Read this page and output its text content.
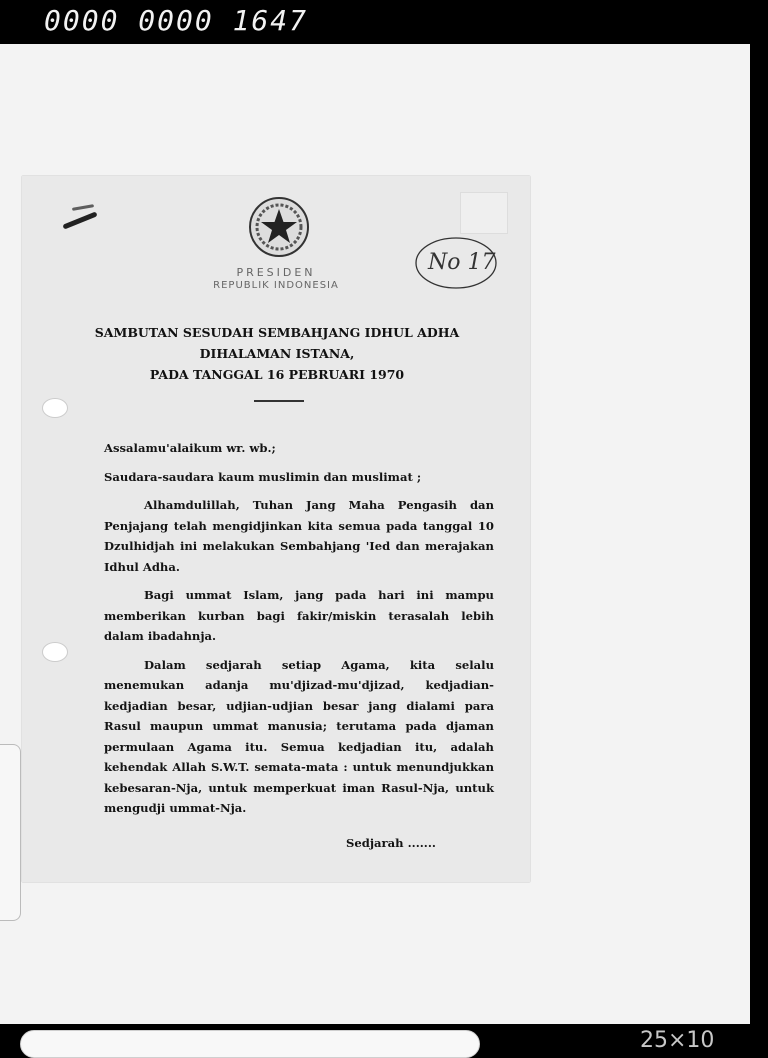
0000 0000 1647
25×10
PRESIDEN
REPUBLIK INDONESIA
No 17
SAMBUTAN SESUDAH SEMBAHJANG IDHUL ADHA
DIHALAMAN ISTANA,
PADA TANGGAL 16 PEBRUARI 1970

Assalamu'alaikum wr. wb.;

Saudara-saudara kaum muslimin dan muslimat ;

Alhamdulillah, Tuhan Jang Maha Pengasih dan Penjajang telah mengidjinkan kita semua pada tanggal 10 Dzulhidjah ini melakukan Sembahjang 'Ied dan merajakan Idhul Adha.

Bagi ummat Islam, jang pada hari ini mampu memberikan kurban bagi fakir/miskin terasalah lebih dalam ibadahnja.

Dalam sedjarah setiap Agama, kita selalu menemukan adanja mu'djizad-mu'djizad, kedjadian-kedjadian besar, udjian-udjian besar jang dialami para Rasul maupun ummat manusia; terutama pada djaman permulaan Agama itu. Semua kedjadian itu, adalah kehendak Allah S.W.T. semata-mata : untuk menundjukkan kebesaran-Nja, untuk memperkuat iman Rasul-Nja, untuk mengudji ummat-Nja.

Sedjarah .......
